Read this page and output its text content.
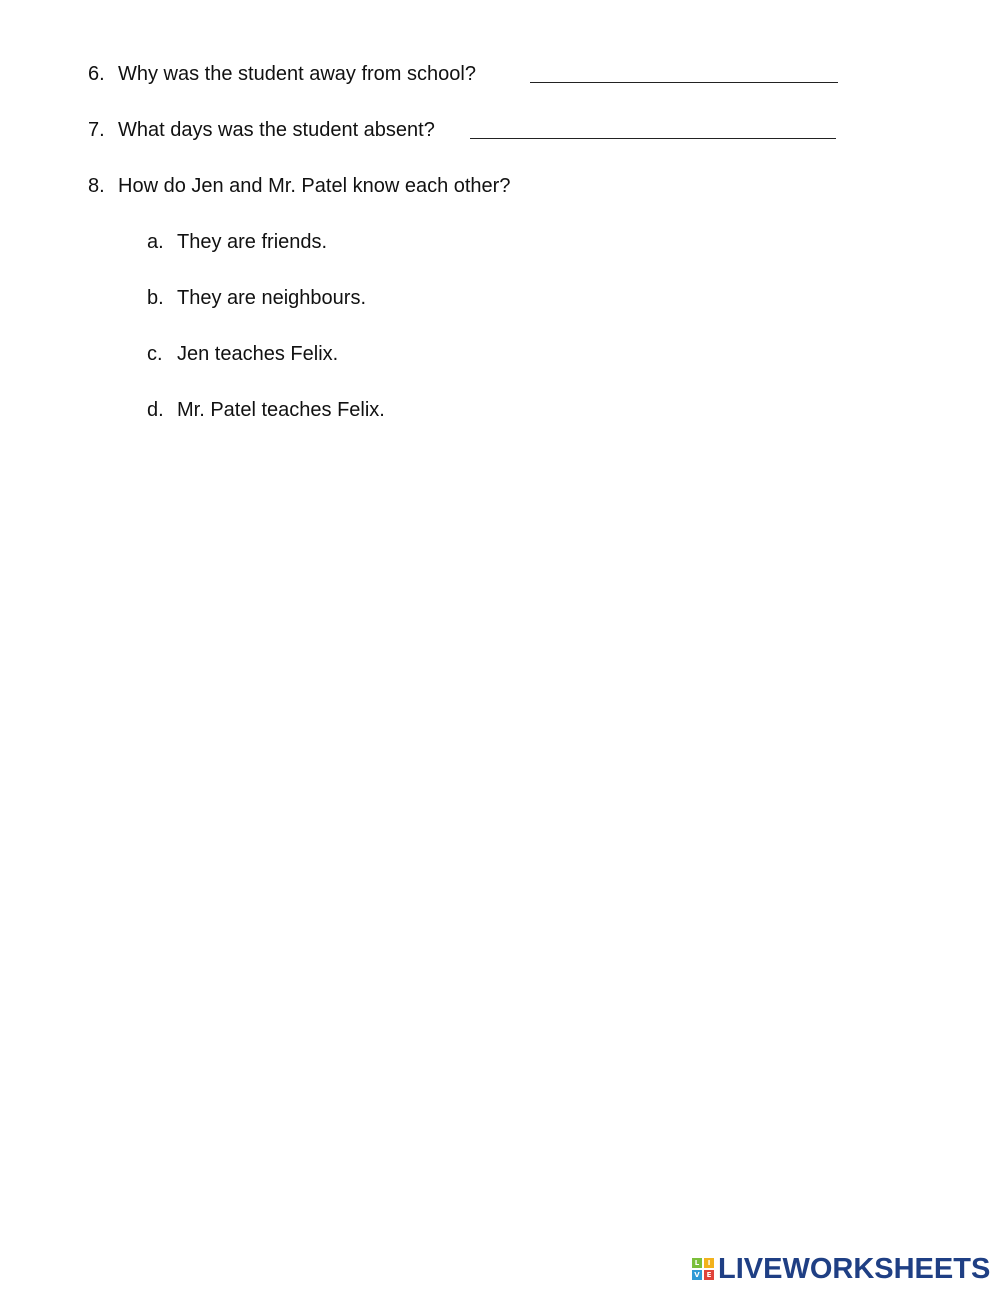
6. Why was the student away from school?
7. What days was the student absent?
8. How do Jen and Mr. Patel know each other?
a. They are friends.
b. They are neighbours.
c. Jen teaches Felix.
d. Mr. Patel teaches Felix.
L	I
V E LIVEWORKSHEETS
